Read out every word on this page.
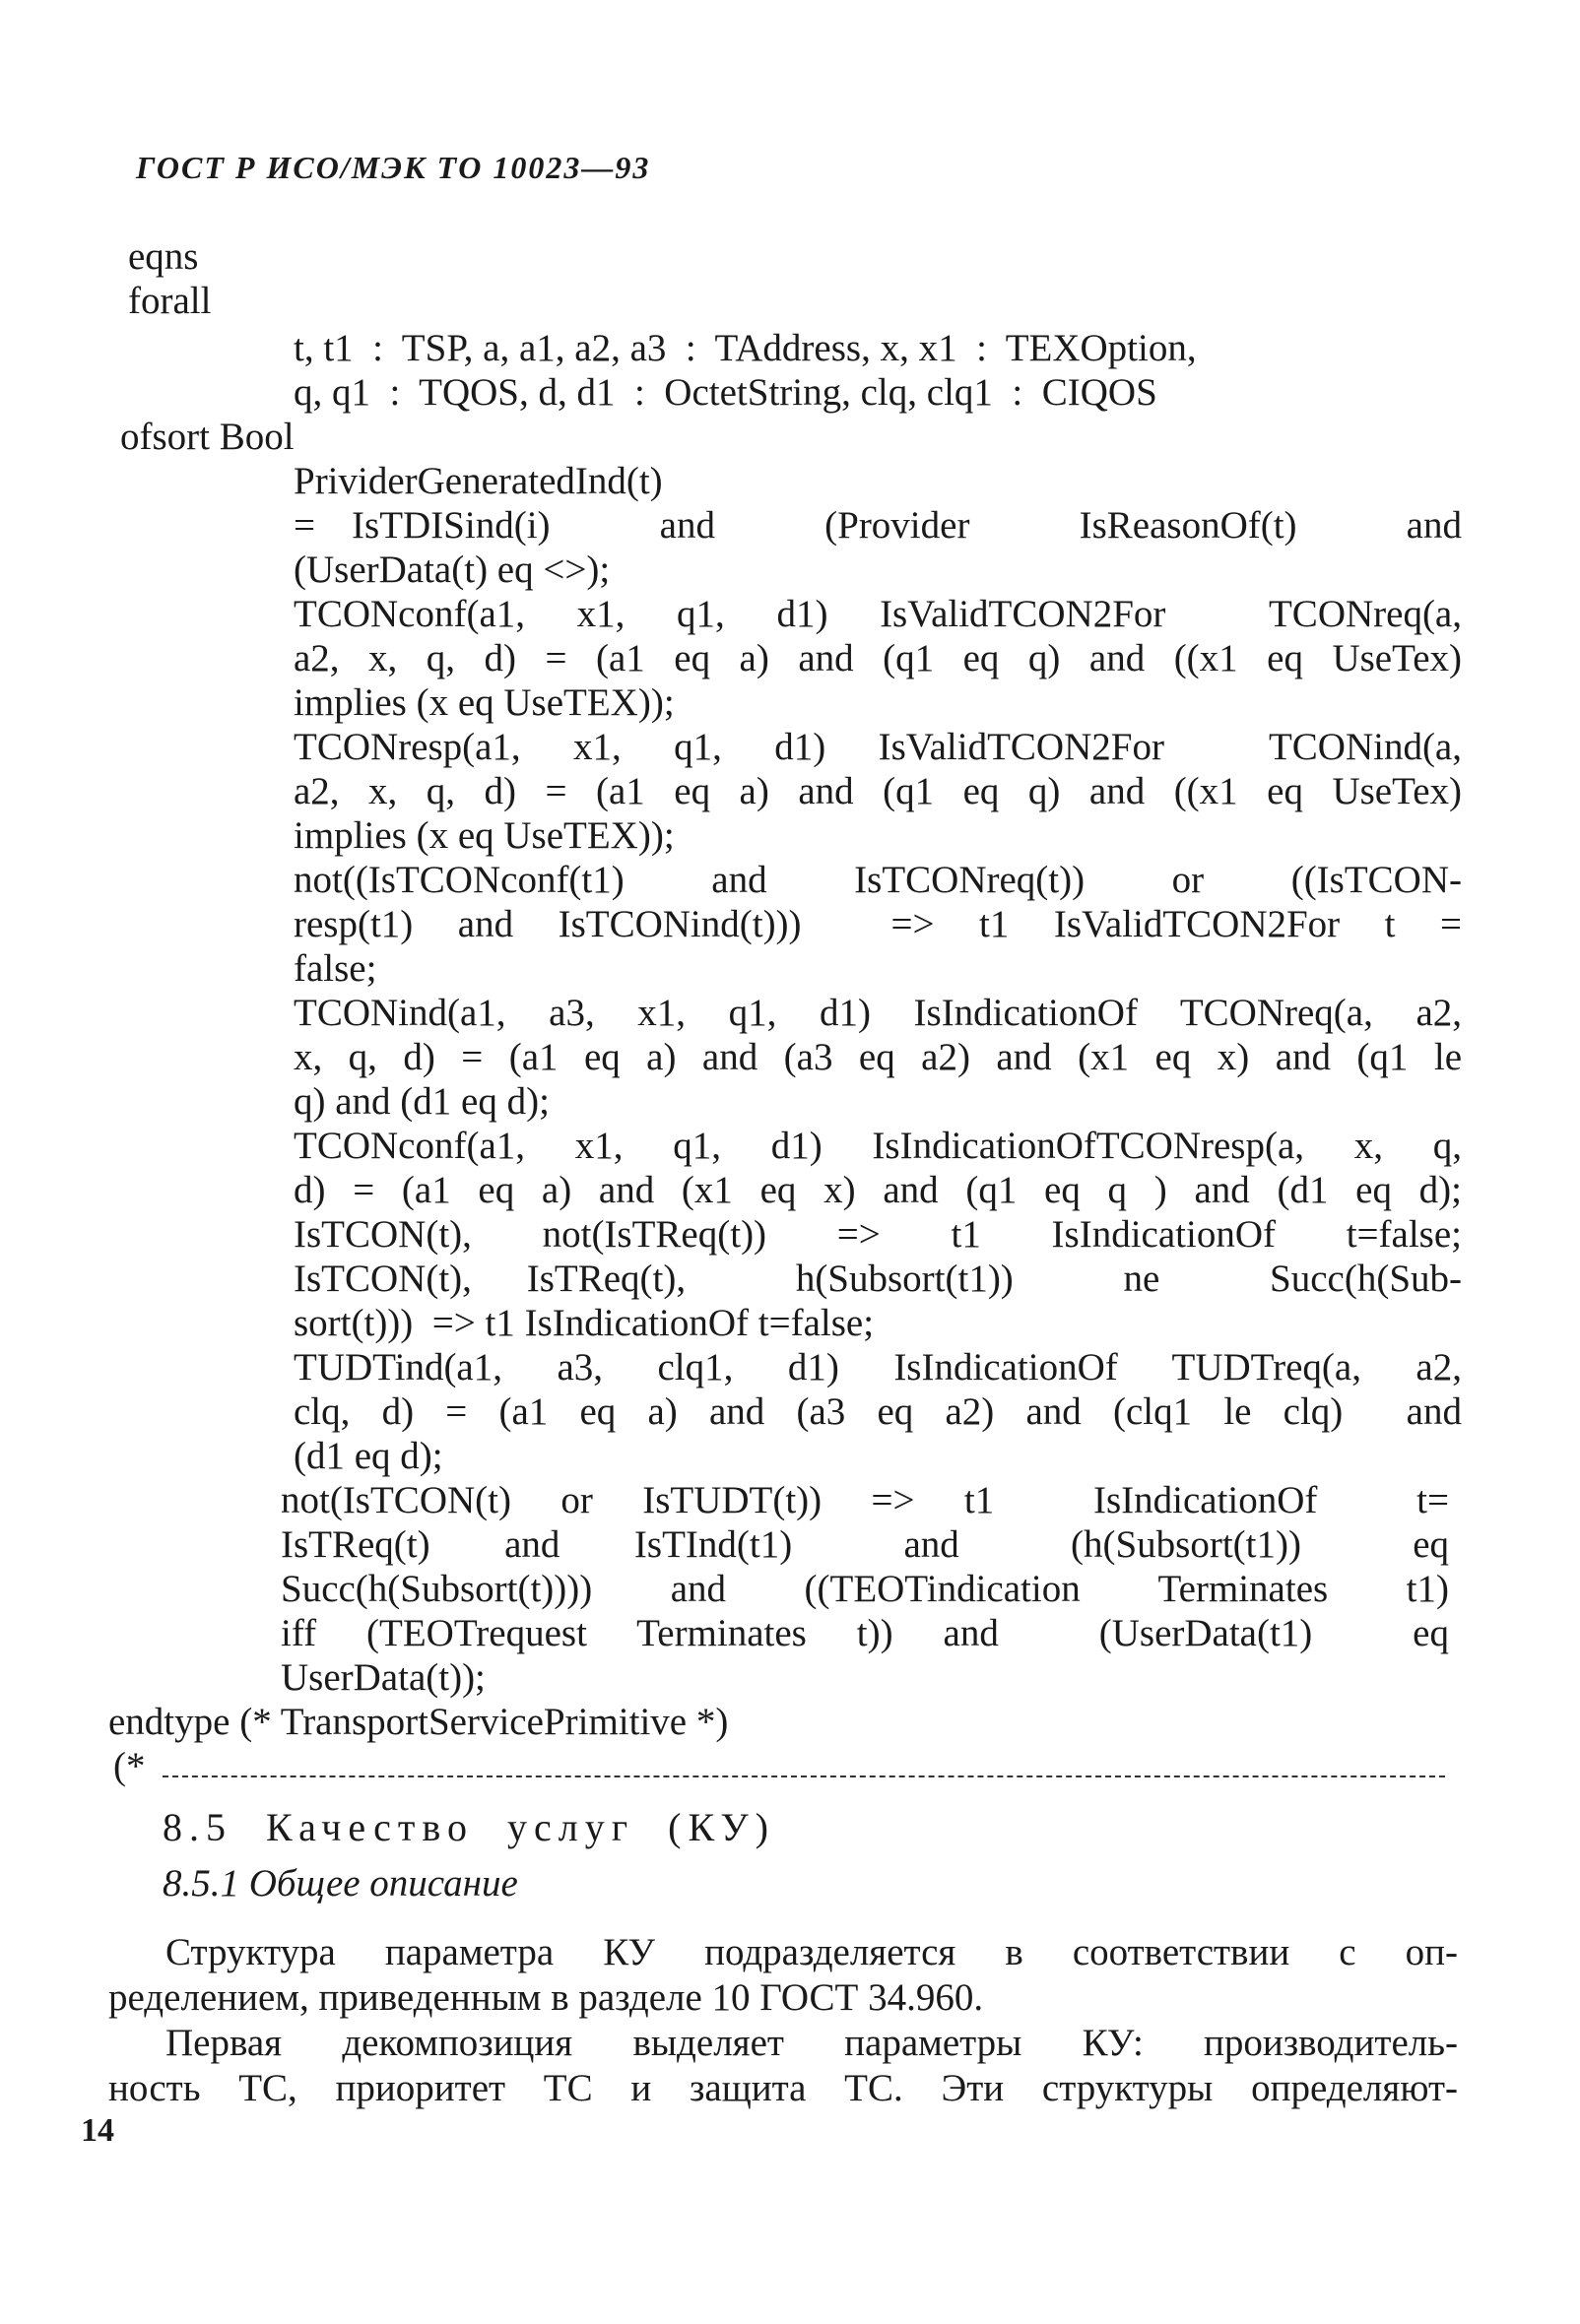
ГОСТ Р ИСО/МЭК ТО 10023—93
eqns
forall
t, t1  :  TSP, a, a1, a2, a3  :  TAddress, x, x1  :  TEXOption,
q, q1  :  TQOS, d, d1  :  OctetString, clq, clq1  :  CIQOS
ofsort Bool
PrividerGeneratedInd(t)
= IsTDISind(i)   and   (Provider   IsReasonOf(t)   and
(UserData(t) eq <>);
TCONconf(a1, x1, q1, d1) IsValidTCON2For  TCONreq(a,
a2, x, q, d) = (a1 eq a) and (q1 eq q) and ((x1 eq UseTex)
implies (x eq UseTEX));
TCONresp(a1, x1, q1, d1) IsValidTCON2For  TCONind(a,
a2, x, q, d) = (a1 eq a) and (q1 eq q) and ((x1 eq UseTex)
implies (x eq UseTEX));
not((IsTCONconf(t1) and IsTCONreq(t)) or ((IsTCON-
resp(t1) and IsTCONind(t)))  => t1 IsValidTCON2For t =
false;
TCONind(a1, a3, x1, q1, d1) IsIndicationOf TCONreq(a, a2,
x, q, d) = (a1 eq a) and (a3 eq a2) and (x1 eq x) and (q1 le
q) and (d1 eq d);
TCONconf(a1, x1, q1, d1) IsIndicationOfTCONresp(a, x, q,
d) = (a1 eq a) and (x1 eq x) and (q1 eq q ) and (d1 eq d);
IsTCON(t), not(IsTReq(t)) => t1 IsIndicationOf t=false;
IsTCON(t), IsTReq(t),  h(Subsort(t1))  ne  Succ(h(Sub-
sort(t)))  => t1 IsIndicationOf t=false;
TUDTind(a1, a3, clq1, d1) IsIndicationOf TUDTreq(a, a2,
clq, d) = (a1 eq a) and (a3 eq a2) and (clq1 le clq)  and
(d1 eq d);
not(IsTCON(t) or IsTUDT(t)) => t1  IsIndicationOf  t=
IsTReq(t)  and  IsTInd(t1)   and   (h(Subsort(t1))   eq
Succ(h(Subsort(t)))) and ((TEOTindication Terminates t1)
iff (TEOTrequest Terminates t)) and  (UserData(t1)  eq
UserData(t));
endtype (* TransportServicePrimitive *)
(*
8.5  Качество  услуг  (КУ)
8.5.1 Общее описание
Структура параметра КУ подразделяется в соответствии с оп-
ределением, приведенным в разделе 10 ГОСТ 34.960.
Первая декомпозиция выделяет параметры КУ: производитель-
ность ТС, приоритет ТС и защита ТС. Эти структуры определяют-
14
